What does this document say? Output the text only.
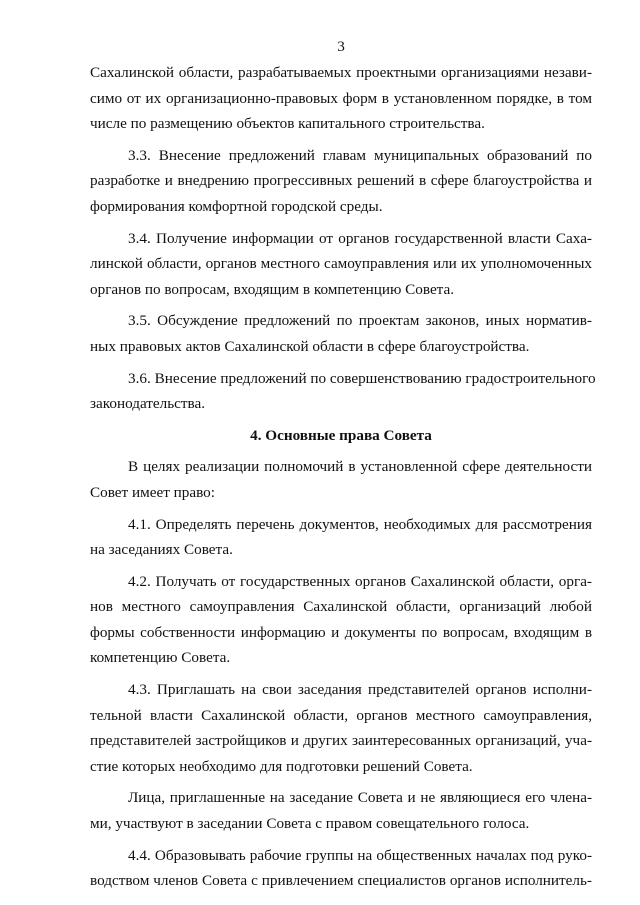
3
Сахалинской области, разрабатываемых проектными организациями незави-
симо от их организационно-правовых форм в установленном порядке, в том
числе по размещению объектов капитального строительства.
3.3. Внесение предложений главам муниципальных образований по
разработке и внедрению прогрессивных решений в сфере благоустройства и
формирования комфортной городской среды.
3.4. Получение информации от органов государственной власти Саха-
линской области, органов местного самоуправления или их уполномоченных
органов по вопросам, входящим в компетенцию Совета.
3.5. Обсуждение предложений по проектам законов, иных норматив-
ных правовых актов Сахалинской области в сфере благоустройства.
3.6. Внесение предложений по совершенствованию градостроительного
законодательства.
4. Основные права Совета
В целях реализации полномочий в установленной сфере деятельности
Совет имеет право:
4.1. Определять перечень документов, необходимых для рассмотрения
на заседаниях Совета.
4.2. Получать от государственных органов Сахалинской области, орга-
нов местного самоуправления Сахалинской области, организаций любой
формы собственности информацию и документы по вопросам, входящим в
компетенцию Совета.
4.3. Приглашать на свои заседания представителей органов исполни-
тельной власти Сахалинской области, органов местного самоуправления,
представителей застройщиков и других заинтересованных организаций, уча-
стие которых необходимо для подготовки решений Совета.
Лица, приглашенные на заседание Совета и не являющиеся его члена-
ми, участвуют в заседании Совета с правом совещательного голоса.
4.4. Образовывать рабочие группы на общественных началах под руко-
водством членов Совета с привлечением специалистов органов исполнитель-
